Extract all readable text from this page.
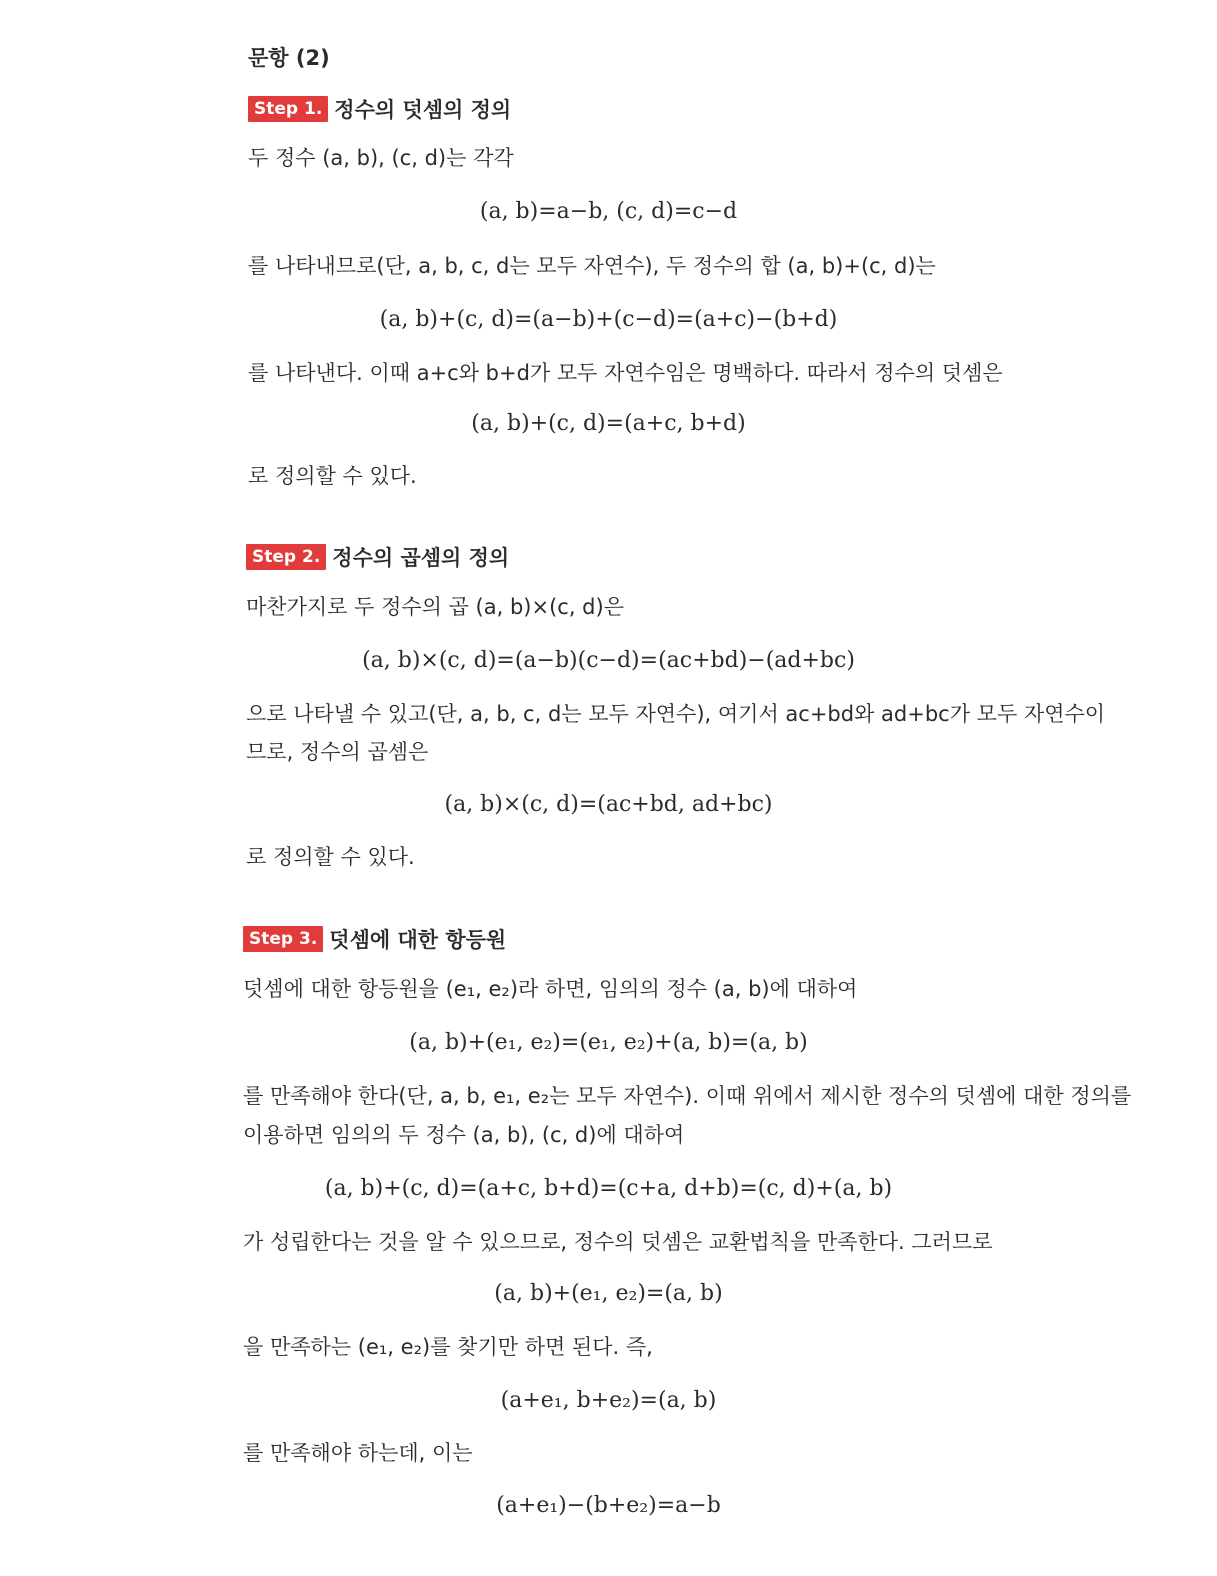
문항 (2)
Step 1. 정수의 덧셈의 정의
두 정수 (a, b), (c, d)는 각각
(a, b)=a−b, (c, d)=c−d
를 나타내므로(단, a, b, c, d는 모두 자연수), 두 정수의 합 (a, b)+(c, d)는
(a, b)+(c, d)=(a−b)+(c−d)=(a+c)−(b+d)
를 나타낸다. 이때 a+c와 b+d가 모두 자연수임은 명백하다. 따라서 정수의 덧셈은
(a, b)+(c, d)=(a+c, b+d)
로 정의할 수 있다.
Step 2. 정수의 곱셈의 정의
마찬가지로 두 정수의 곱 (a, b)×(c, d)은
(a, b)×(c, d)=(a−b)(c−d)=(ac+bd)−(ad+bc)
으로 나타낼 수 있고(단, a, b, c, d는 모두 자연수), 여기서 ac+bd와 ad+bc가 모두 자연수이
므로, 정수의 곱셈은
(a, b)×(c, d)=(ac+bd, ad+bc)
로 정의할 수 있다.
Step 3. 덧셈에 대한 항등원
덧셈에 대한 항등원을 (e₁, e₂)라 하면, 임의의 정수 (a, b)에 대하여
(a, b)+(e₁, e₂)=(e₁, e₂)+(a, b)=(a, b)
를 만족해야 한다(단, a, b, e₁, e₂는 모두 자연수). 이때 위에서 제시한 정수의 덧셈에 대한 정의를
이용하면 임의의 두 정수 (a, b), (c, d)에 대하여
(a, b)+(c, d)=(a+c, b+d)=(c+a, d+b)=(c, d)+(a, b)
가 성립한다는 것을 알 수 있으므로, 정수의 덧셈은 교환법칙을 만족한다. 그러므로
(a, b)+(e₁, e₂)=(a, b)
을 만족하는 (e₁, e₂)를 찾기만 하면 된다. 즉,
(a+e₁, b+e₂)=(a, b)
를 만족해야 하는데, 이는
(a+e₁)−(b+e₂)=a−b
